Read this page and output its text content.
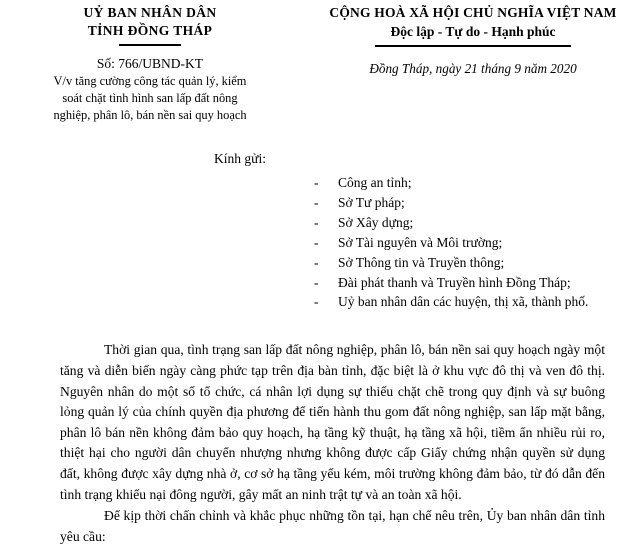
UỶ BAN NHÂN DÂN
TỈNH ĐỒNG THÁP
Số: 766/UBND-KT
V/v tăng cường công tác quản lý, kiểm
soát chặt tình hình san lấp đất nông
nghiệp, phân lô, bán nền sai quy hoạch
CỘNG HOÀ XÃ HỘI CHỦ NGHĨA VIỆT NAM
Độc lập - Tự do - Hạnh phúc
Đồng Tháp, ngày 21 tháng 9 năm 2020
Kính gửi:
-	Công an tỉnh;
-	Sở Tư pháp;
-	Sở Xây dựng;
-	Sở Tài nguyên và Môi trường;
-	Sở Thông tin và Truyền thông;
-	Đài phát thanh và Truyền hình Đồng Tháp;
-	Uỷ ban nhân dân các huyện, thị xã, thành phố.

Thời gian qua, tình trạng san lấp đất nông nghiệp, phân lô, bán nền sai quy hoạch ngày một tăng và diễn biến ngày càng phức tạp trên địa bàn tỉnh, đặc biệt là ở khu vực đô thị và ven đô thị. Nguyên nhân do một số tổ chức, cá nhân lợi dụng sự thiếu chặt chẽ trong quy định và sự buông lỏng quản lý của chính quyền địa phương để tiến hành thu gom đất nông nghiệp, san lấp mặt bằng, phân lô bán nền không đảm bảo quy hoạch, hạ tầng kỹ thuật, hạ tầng xã hội, tiềm ẩn nhiều rủi ro, thiệt hại cho người dân chuyển nhượng nhưng không được cấp Giấy chứng nhận quyền sử dụng đất, không được xây dựng nhà ở, cơ sở hạ tầng yếu kém, môi trường không đảm bảo, từ đó dẫn đến tình trạng khiếu nại đông người, gây mất an ninh trật tự và an toàn xã hội.

Để kịp thời chấn chỉnh và khắc phục những tồn tại, hạn chế nêu trên, Ủy ban nhân dân tỉnh yêu cầu:
